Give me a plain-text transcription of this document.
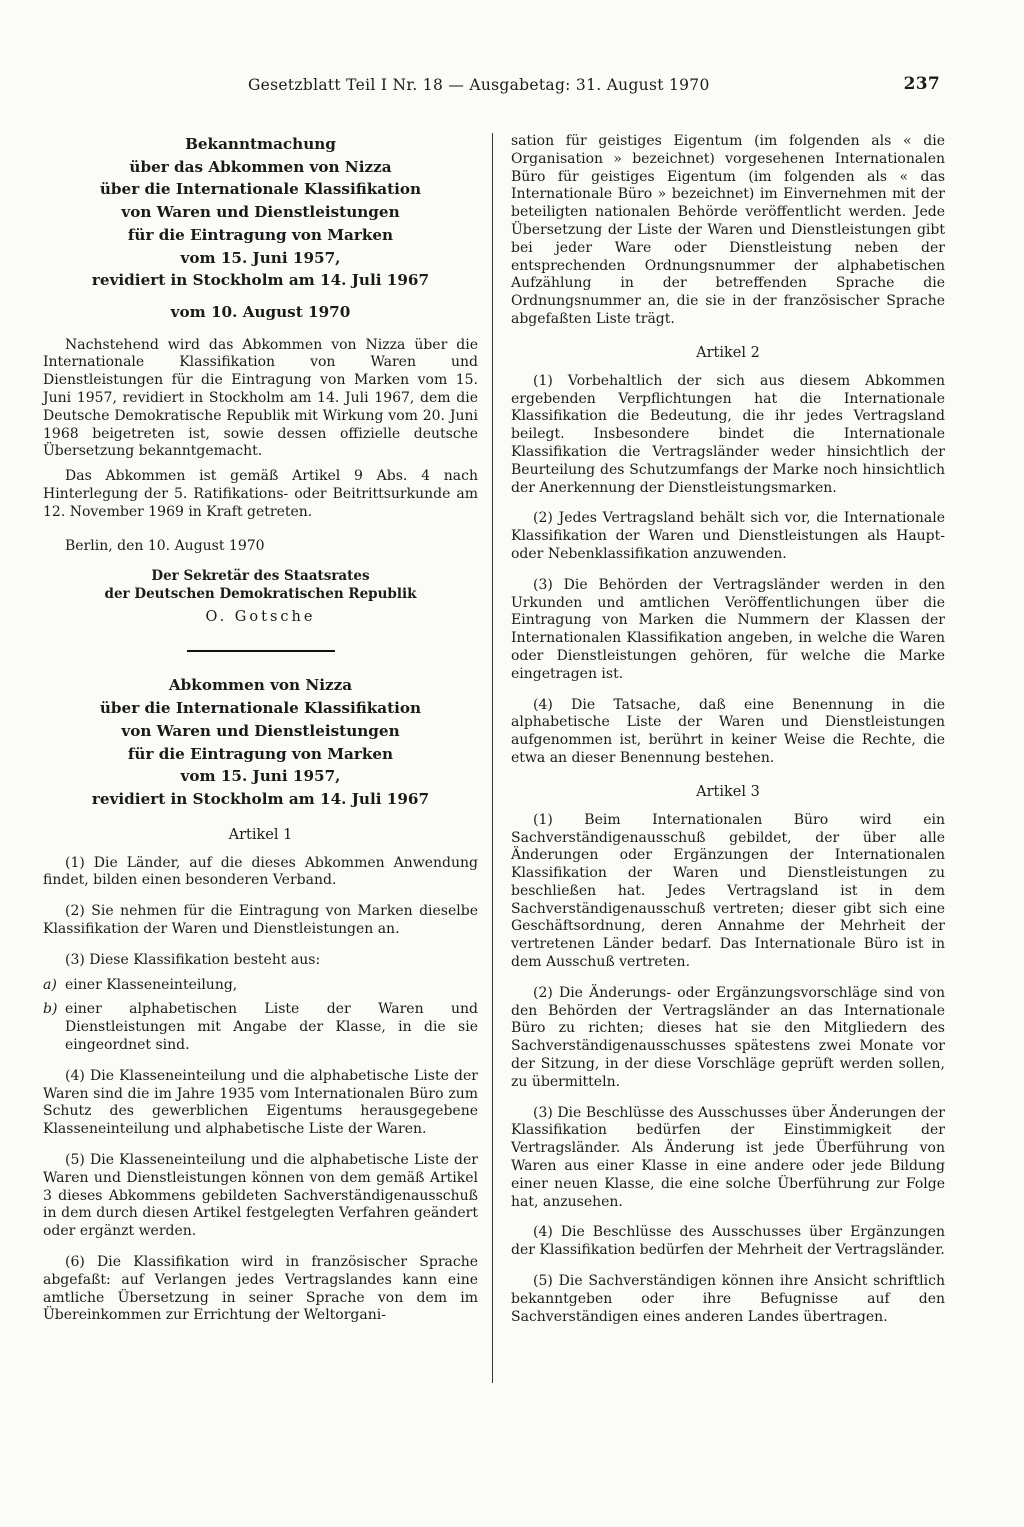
Gesetzblatt Teil I Nr. 18 — Ausgabetag: 31. August 1970	237
Bekanntmachung
über das Abkommen von Nizza
über die Internationale Klassifikation
von Waren und Dienstleistungen
für die Eintragung von Marken
vom 15. Juni 1957,
revidiert in Stockholm am 14. Juli 1967
vom 10. August 1970

Nachstehend wird das Abkommen von Nizza über die Internationale Klassifikation von Waren und Dienstleistungen für die Eintragung von Marken vom 15. Juni 1957, revidiert in Stockholm am 14. Juli 1967, dem die Deutsche Demokratische Republik mit Wirkung vom 20. Juni 1968 beigetreten ist, sowie dessen offizielle deutsche Übersetzung bekanntgemacht.

Das Abkommen ist gemäß Artikel 9 Abs. 4 nach Hinterlegung der 5. Ratifikations- oder Beitrittsurkunde am 12. November 1969 in Kraft getreten.

Berlin, den 10. August 1970

Der Sekretär des Staatsrates
der Deutschen Demokratischen Republik
O. Gotsche
Abkommen von Nizza
über die Internationale Klassifikation
von Waren und Dienstleistungen
für die Eintragung von Marken
vom 15. Juni 1957,
revidiert in Stockholm am 14. Juli 1967
Artikel 1

(1) Die Länder, auf die dieses Abkommen Anwendung findet, bilden einen besonderen Verband.

(2) Sie nehmen für die Eintragung von Marken dieselbe Klassifikation der Waren und Dienstleistungen an.

(3) Diese Klassifikation besteht aus:

a) einer Klasseneinteilung,
b) einer alphabetischen Liste der Waren und Dienstleistungen mit Angabe der Klasse, in die sie eingeordnet sind.

(4) Die Klasseneinteilung und die alphabetische Liste der Waren sind die im Jahre 1935 vom Internationalen Büro zum Schutz des gewerblichen Eigentums herausgegebene Klasseneinteilung und alphabetische Liste der Waren.

(5) Die Klasseneinteilung und die alphabetische Liste der Waren und Dienstleistungen können von dem gemäß Artikel 3 dieses Abkommens gebildeten Sachverständigenausschuß in dem durch diesen Artikel festgelegten Verfahren geändert oder ergänzt werden.

(6) Die Klassifikation wird in französischer Sprache abgefaßt: auf Verlangen jedes Vertragslandes kann eine amtliche Übersetzung in seiner Sprache von dem im Übereinkommen zur Errichtung der Weltorgani-

sation für geistiges Eigentum (im folgenden als « die Organisation » bezeichnet) vorgesehenen Internationalen Büro für geistiges Eigentum (im folgenden als « das Internationale Büro » bezeichnet) im Einvernehmen mit der beteiligten nationalen Behörde veröffentlicht werden. Jede Übersetzung der Liste der Waren und Dienstleistungen gibt bei jeder Ware oder Dienstleistung neben der entsprechenden Ordnungsnummer der alphabetischen Aufzählung in der betreffenden Sprache die Ordnungsnummer an, die sie in der französischer Sprache abgefaßten Liste trägt.

Artikel 2

(1) Vorbehaltlich der sich aus diesem Abkommen ergebenden Verpflichtungen hat die Internationale Klassifikation die Bedeutung, die ihr jedes Vertragsland beilegt. Insbesondere bindet die Internationale Klassifikation die Vertragsländer weder hinsichtlich der Beurteilung des Schutzumfangs der Marke noch hinsichtlich der Anerkennung der Dienstleistungsmarken.

(2) Jedes Vertragsland behält sich vor, die Internationale Klassifikation der Waren und Dienstleistungen als Haupt- oder Nebenklassifikation anzuwenden.

(3) Die Behörden der Vertragsländer werden in den Urkunden und amtlichen Veröffentlichungen über die Eintragung von Marken die Nummern der Klassen der Internationalen Klassifikation angeben, in welche die Waren oder Dienstleistungen gehören, für welche die Marke eingetragen ist.

(4) Die Tatsache, daß eine Benennung in die alphabetische Liste der Waren und Dienstleistungen aufgenommen ist, berührt in keiner Weise die Rechte, die etwa an dieser Benennung bestehen.

Artikel 3

(1) Beim Internationalen Büro wird ein Sachverständigenausschuß gebildet, der über alle Änderungen oder Ergänzungen der Internationalen Klassifikation der Waren und Dienstleistungen zu beschließen hat. Jedes Vertragsland ist in dem Sachverständigenausschuß vertreten; dieser gibt sich eine Geschäftsordnung, deren Annahme der Mehrheit der vertretenen Länder bedarf. Das Internationale Büro ist in dem Ausschuß vertreten.

(2) Die Änderungs- oder Ergänzungsvorschläge sind von den Behörden der Vertragsländer an das Internationale Büro zu richten; dieses hat sie den Mitgliedern des Sachverständigenausschusses spätestens zwei Monate vor der Sitzung, in der diese Vorschläge geprüft werden sollen, zu übermitteln.

(3) Die Beschlüsse des Ausschusses über Änderungen der Klassifikation bedürfen der Einstimmigkeit der Vertragsländer. Als Änderung ist jede Überführung von Waren aus einer Klasse in eine andere oder jede Bildung einer neuen Klasse, die eine solche Überführung zur Folge hat, anzusehen.

(4) Die Beschlüsse des Ausschusses über Ergänzungen der Klassifikation bedürfen der Mehrheit der Vertragsländer.

(5) Die Sachverständigen können ihre Ansicht schriftlich bekanntgeben oder ihre Befugnisse auf den Sachverständigen eines anderen Landes übertragen.
